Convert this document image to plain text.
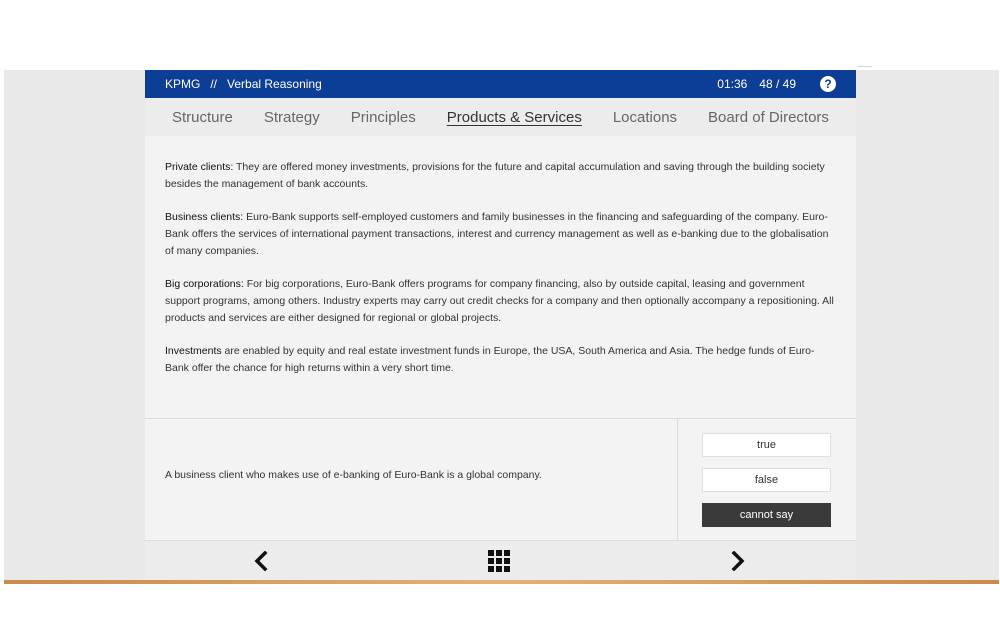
KPMG // Verbal Reasoning	01:36 48 / 49	?
Structure Strategy Principles Products & Services Locations Board of Directors

Private clients: They are offered money investments, provisions for the future and capital accumulation and saving through the building society besides the management of bank accounts.

Business clients: Euro-Bank supports self-employed customers and family businesses in the financing and safeguarding of the company. Euro-Bank offers the services of international payment transactions, interest and currency management as well as e-banking due to the globalisation of many companies.

Big corporations: For big corporations, Euro-Bank offers programs for company financing, also by outside capital, leasing and government support programs, among others. Industry experts may carry out credit checks for a company and then optionally accompany a repositioning. All products and services are either designed for regional or global projects.

Investments are enabled by equity and real estate investment funds in Europe, the USA, South America and Asia. The hedge funds of Euro-Bank offer the chance for high returns within a very short time.

A business client who makes use of e-banking of Euro-Bank is a global company.
true
false
cannot say
